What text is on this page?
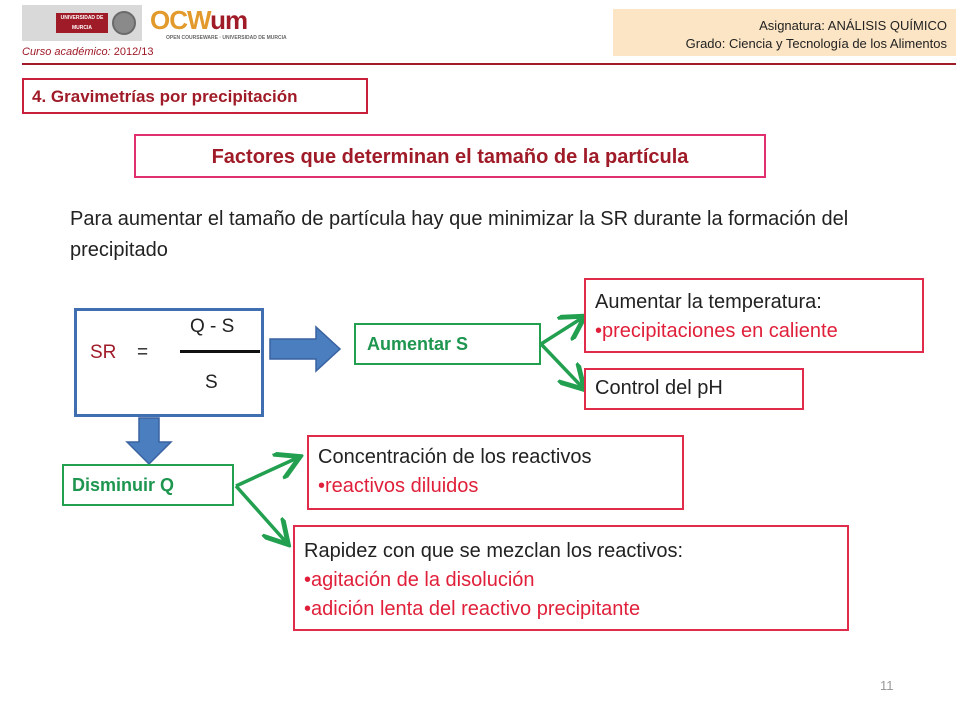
UNIVERSIDAD DE MURCIA	OCWum
OPEN COURSEWARE · UNIVERSIDAD DE MURCIA
Curso académico: 2012/13
Asignatura: ANÁLISIS QUÍMICO
Grado: Ciencia y Tecnología de los Alimentos
4. Gravimetrías por precipitación
Factores que determinan el tamaño de la partícula
Para aumentar el tamaño de partícula hay que minimizar la SR durante la formación del precipitado
SR =
Q - S
S
Aumentar S
Disminuir Q
Aumentar la temperatura:
•precipitaciones en caliente
Control del pH
Concentración de los reactivos
•reactivos diluidos
Rapidez con que se mezclan los reactivos:
•agitación de la disolución
•adición lenta del reactivo precipitante
11
